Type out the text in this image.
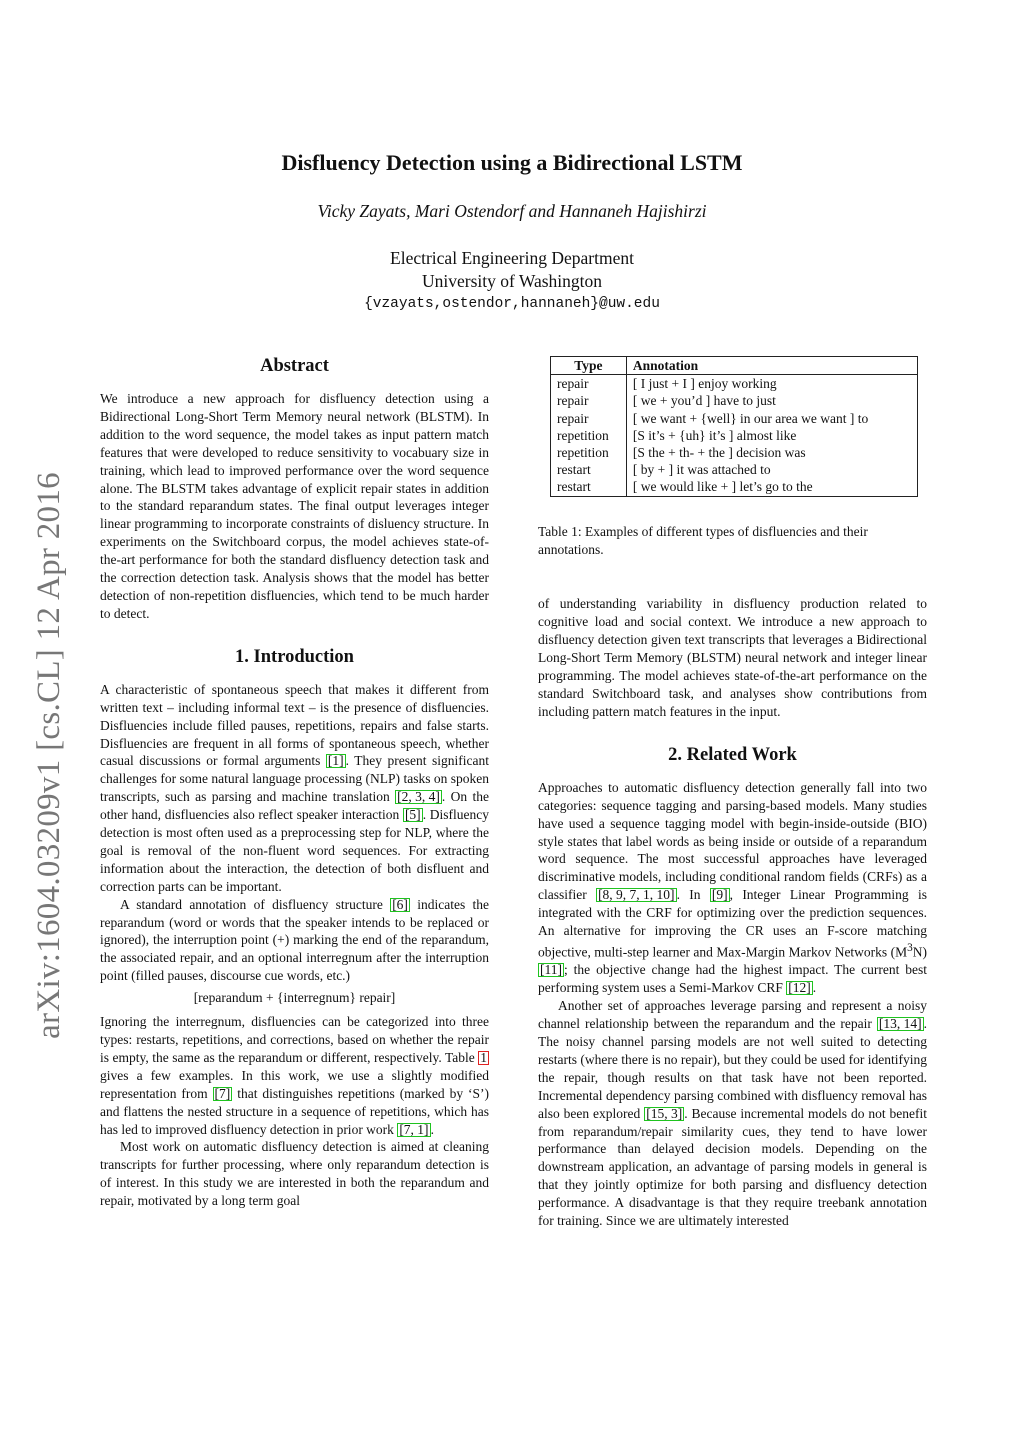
arXiv:1604.03209v1 [cs.CL] 12 Apr 2016
Disfluency Detection using a Bidirectional LSTM
Vicky Zayats, Mari Ostendorf and Hannaneh Hajishirzi
Electrical Engineering Department
University of Washington
{vzayats,ostendor,hannaneh}@uw.edu
Abstract

We introduce a new approach for disfluency detection using a Bidirectional Long-Short Term Memory neural network (BLSTM). In addition to the word sequence, the model takes as input pattern match features that were developed to reduce sensitivity to vocabuary size in training, which lead to improved performance over the word sequence alone. The BLSTM takes advantage of explicit repair states in addition to the standard reparandum states. The final output leverages integer linear programming to incorporate constraints of disluency structure. In experiments on the Switchboard corpus, the model achieves state-of-the-art performance for both the standard disfluency detection task and the correction detection task. Analysis shows that the model has better detection of non-repetition disfluencies, which tend to be much harder to detect.

1. Introduction

A characteristic of spontaneous speech that makes it different from written text – including informal text – is the presence of disfluencies. Disfluencies include filled pauses, repetitions, repairs and false starts. Disfluencies are frequent in all forms of spontaneous speech, whether casual discussions or formal arguments [1] . They present significant challenges for some natural language processing (NLP) tasks on spoken transcripts, such as parsing and machine translation [2, 3, 4] . On the other hand, disfluencies also reflect speaker interaction [5] . Disfluency detection is most often used as a preprocessing step for NLP, where the goal is removal of the non-fluent word sequences. For extracting information about the interaction, the detection of both disfluent and correction parts can be important.

A standard annotation of disfluency structure [6] indicates the reparandum (word or words that the speaker intends to be replaced or ignored), the interruption point (+) marking the end of the reparandum, the associated repair, and an optional interregnum after the interruption point (filled pauses, discourse cue words, etc.)

[reparandum + {interregnum} repair]

Ignoring the interregnum, disfluencies can be categorized into three types: restarts, repetitions, and corrections, based on whether the repair is empty, the same as the reparandum or different, respectively. Table 1 gives a few examples. In this work, we use a slightly modified representation from [7] that distinguishes repetitions (marked by ‘S’) and flattens the nested structure in a sequence of repetitions, which has has led to improved disfluency detection in prior work [7, 1] .

Most work on automatic disfluency detection is aimed at cleaning transcripts for further processing, where only reparandum detection is of interest. In this study we are interested in both the reparandum and repair, motivated by a long term goal

Type	Annotation
repair	[ I just + I ] enjoy working
repair	[ we + you’d ] have to just
repair	[ we want + {well} in our area we want ] to
repetition	[S it’s + {uh} it’s ] almost like
repetition	[S the + th- + the ] decision was
restart	[ by + ] it was attached to
restart	[ we would like + ] let’s go to the

Table 1: Examples of different types of disfluencies and their annotations.

of understanding variability in disfluency production related to cognitive load and social context. We introduce a new approach to disfluency detection given text transcripts that leverages a Bidirectional Long-Short Term Memory (BLSTM) neural network and integer linear programming. The model achieves state-of-the-art performance on the standard Switchboard task, and analyses show contributions from including pattern match features in the input.

2. Related Work

Approaches to automatic disfluency detection generally fall into two categories: sequence tagging and parsing-based models. Many studies have used a sequence tagging model with begin-inside-outside (BIO) style states that label words as being inside or outside of a reparandum word sequence. The most successful approaches have leveraged discriminative models, including conditional random fields (CRFs) as a classifier [8, 9, 7, 1, 10] . In [9] , Integer Linear Programming is integrated with the CRF for optimizing over the prediction sequences. An alternative for improving the CR uses an F-score matching objective, multi-step learner and Max-Margin Markov Networks $(M^3N)$ [11] ; the objective change had the highest impact. The current best performing system uses a Semi-Markov CRF [12] .

Another set of approaches leverage parsing and represent a noisy channel relationship between the reparandum and the repair [13, 14] . The noisy channel parsing models are not well suited to detecting restarts (where there is no repair), but they could be used for identifying the repair, though results on that task have not been reported. Incremental dependency parsing combined with disfluency removal has also been explored [15, 3] . Because incremental models do not benefit from reparandum/repair similarity cues, they tend to have lower performance than delayed decision models. Depending on the downstream application, an advantage of parsing models in general is that they jointly optimize for both parsing and disfluency detection performance. A disadvantage is that they require treebank annotation for training. Since we are ultimately interested
